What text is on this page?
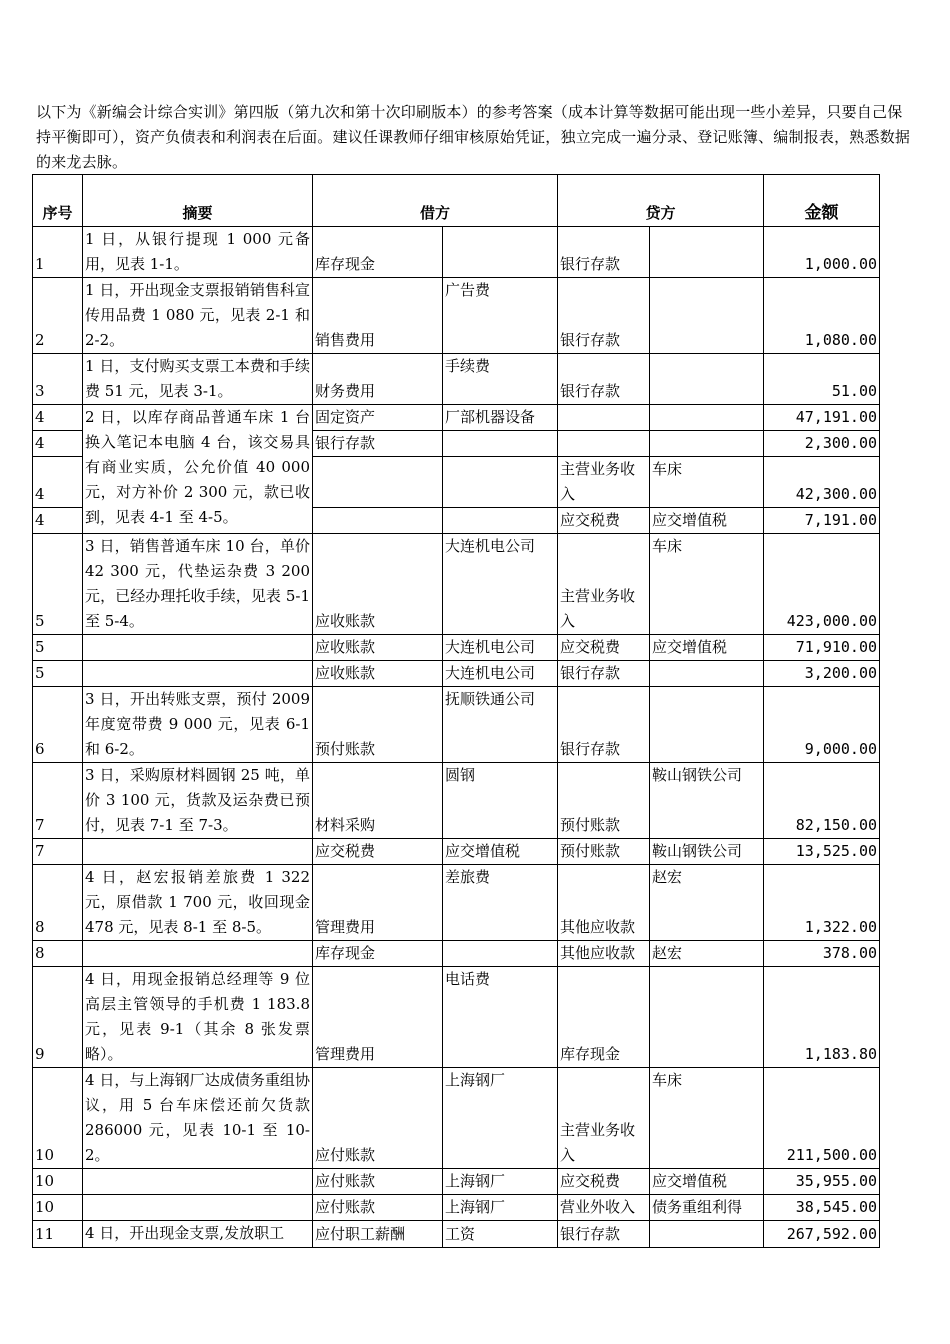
以下为《新编会计综合实训》第四版（第九次和第十次印刷版本）的参考答案（成本计算等数据可能出现一些小差异，只要自己保持平衡即可），资产负债表和利润表在后面。建议任课教师仔细审核原始凭证，独立完成一遍分录、登记账簿、编制报表，熟悉数据的来龙去脉。
序号	摘要	借方		贷方		金额
1	1 日，从银行提现 1 000 元备用，见表 1-1。	库存现金		银行存款		1,000.00
2	1 日，开出现金支票报销销售科宣传用品费 1 080 元，见表 2-1 和 2-2。	销售费用	广告费	银行存款		1,080.00
3	1 日，支付购买支票工本费和手续费 51 元，见表 3-1。	财务费用	手续费	银行存款		51.00
4	2 日，以库存商品普通车床 1 台换入笔记本电脑 4 台，该交易具有商业实质，公允价值 40 000 元，对方补价 2 300 元，款已收到，见表 4-1 至 4-5。	固定资产	厂部机器设备			47,191.00
4		银行存款				2,300.00
4				主营业务收入	车床	42,300.00
4				应交税费	应交增值税	7,191.00
5	3 日，销售普通车床 10 台，单价 42 300 元，代垫运杂费 3 200 元，已经办理托收手续，见表 5-1 至 5-4。	应收账款	大连机电公司	主营业务收入	车床	423,000.00
5		应收账款	大连机电公司	应交税费	应交增值税	71,910.00
5		应收账款	大连机电公司	银行存款		3,200.00
6	3 日，开出转账支票，预付 2009 年度宽带费 9 000 元，见表 6-1 和 6-2。	预付账款	抚顺铁通公司	银行存款		9,000.00
7	3 日，采购原材料圆钢 25 吨，单价 3 100 元，货款及运杂费已预付，见表 7-1 至 7-3。	材料采购	圆钢	预付账款	鞍山钢铁公司	82,150.00
7		应交税费	应交增值税	预付账款	鞍山钢铁公司	13,525.00
8	4 日，赵宏报销差旅费 1 322 元，原借款 1 700 元，收回现金 478 元，见表 8-1 至 8-5。	管理费用	差旅费	其他应收款	赵宏	1,322.00
8		库存现金		其他应收款	赵宏	378.00
9	4 日，用现金报销总经理等 9 位高层主管领导的手机费 1 183.8 元，见表 9-1（其余 8 张发票略）。	管理费用	电话费	库存现金		1,183.80
10	4 日，与上海钢厂达成债务重组协议，用 5 台车床偿还前欠货款 286000 元，见表 10-1 至 10-2。	应付账款	上海钢厂	主营业务收入	车床	211,500.00
10		应付账款	上海钢厂	应交税费	应交增值税	35,955.00
10		应付账款	上海钢厂	营业外收入	债务重组利得	38,545.00
11	4 日，开出现金支票,发放职工	应付职工薪酬	工资	银行存款		267,592.00
